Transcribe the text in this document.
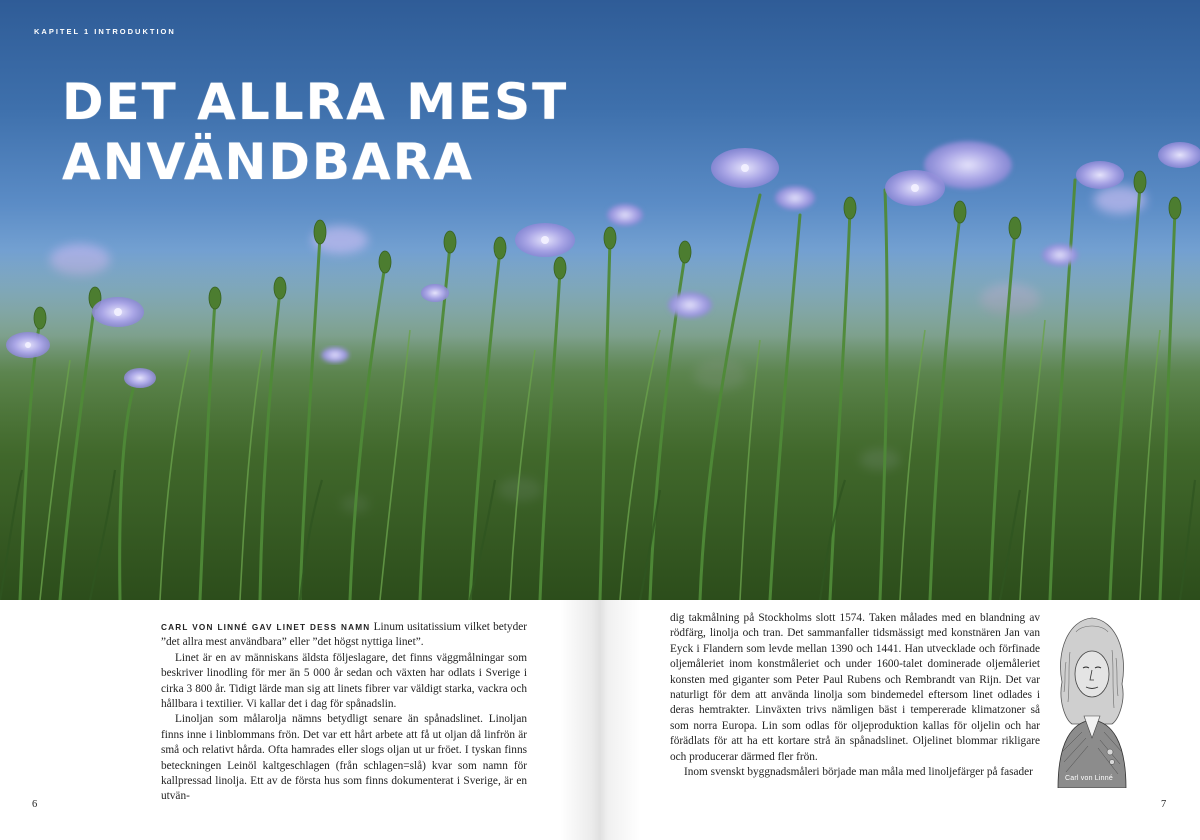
KAPITEL 1 INTRODUKTION
DET ALLRA MEST
ANVÄNDBARA

CARL VON LINNÉ GAV LINET DESS NAMN Linum usitatissium vilket betyder ”det allra mest användbara” eller ”det högst nyttiga linet”.

Linet är en av människans äldsta följeslagare, det finns väggmålningar som beskriver linodling för mer än 5 000 år sedan och växten har odlats i Sverige i cirka 3 800 år. Tidigt lärde man sig att linets fibrer var väldigt starka, vackra och hållbara i textilier. Vi kallar det i dag för spånadslin.

Linoljan som målarolja nämns betydligt senare än spånadslinet. Linoljan finns inne i linblommans frön. Det var ett hårt arbete att få ut oljan då linfrön är små och relativt hårda. Ofta hamrades eller slogs oljan ut ur fröet. I tyskan finns beteckningen Leinöl kaltgeschlagen (från schlagen=slå) kvar som namn för kallpressad linolja. Ett av de första hus som finns dokumenterat i Sverige, är en utvän-

dig takmålning på Stockholms slott 1574. Taken målades med en blandning av rödfärg, linolja och tran. Det sammanfaller tidsmässigt med konstnären Jan van Eyck i Flandern som levde mellan 1390 och 1441. Han utvecklade och förfinade oljemåleriet inom konstmåleriet och under 1600-talet dominerade oljemåleriet konsten med giganter som Peter Paul Rubens och Rembrandt van Rijn. Det var naturligt för dem att använda linolja som bindemedel eftersom linet odlades i deras hemtrakter. Linväxten trivs nämligen bäst i tempererade klimatzoner så som norra Europa. Lin som odlas för oljeproduktion kallas för oljelin och har förädlats för att ha ett kortare strå än spånadslinet. Oljelinet blommar rikligare och producerar därmed fler frön.

Inom svenskt byggnadsmåleri började man måla med linoljefärger på fasader

6	7
Carl von Linné
